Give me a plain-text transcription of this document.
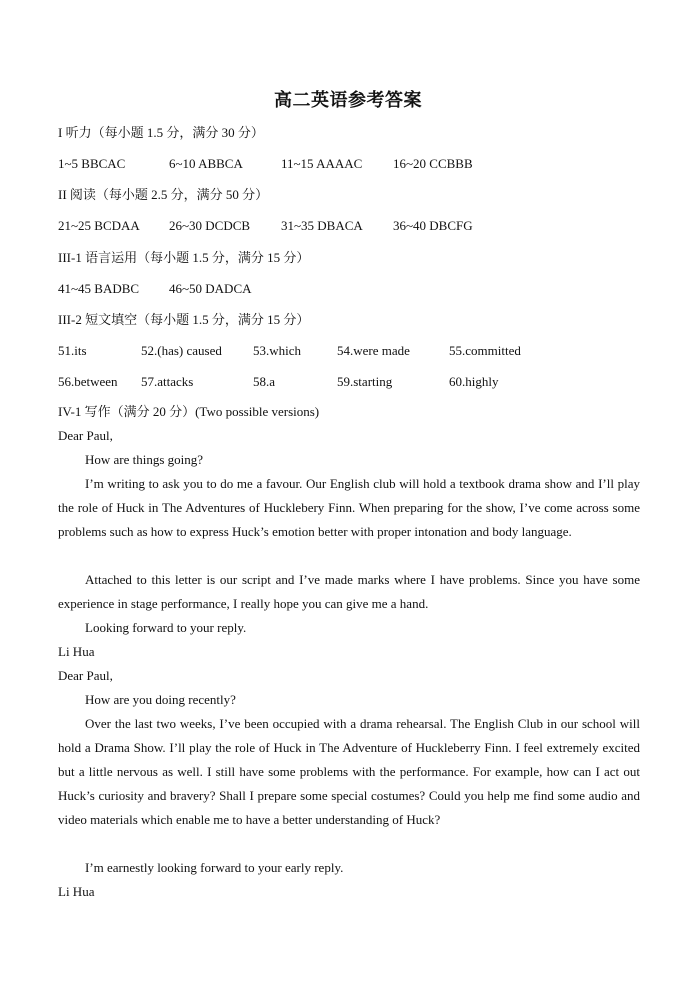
高二英语参考答案
I 听力（每小题 1.5 分，满分 30 分）
1~5 BBCAC	6~10 ABBCA	11~15 AAAAC 16~20 CCBBB
II 阅读（每小题 2.5 分，满分 50 分）
21~25 BCDAA 26~30 DCDCB 31~35 DBACA 36~40 DBCFG
III-1 语言运用（每小题 1.5 分，满分 15 分）
41~45 BADBC 46~50 DADCA
III-2 短文填空（每小题 1.5 分，满分 15 分）
51.its	52.(has) caused 53.which	54.were made	55.committed
56.between 57.attacks	58.a	59.starting	60.highly
IV-1 写作（满分 20 分）(Two possible versions)
Dear Paul,
How are things going?
I’m writing to ask you to do me a favour. Our English club will hold a textbook drama show and I’ll play the role of Huck in The Adventures of Hucklebery Finn. When preparing for the show, I’ve come across some problems such as how to express Huck’s emotion better with proper intonation and body language.
Attached to this letter is our script and I’ve made marks where I have problems. Since you have some experience in stage performance, I really hope you can give me a hand.
Looking forward to your reply.
Li Hua
Dear Paul,
How are you doing recently?
Over the last two weeks, I’ve been occupied with a drama rehearsal. The English Club in our school will hold a Drama Show. I’ll play the role of Huck in The Adventure of Huckleberry Finn. I feel extremely excited but a little nervous as well. I still have some problems with the performance. For example, how can I act out Huck’s curiosity and bravery? Shall I prepare some special costumes? Could you help me find some audio and video materials which enable me to have a better understanding of Huck?
I’m earnestly looking forward to your early reply.
Li Hua
